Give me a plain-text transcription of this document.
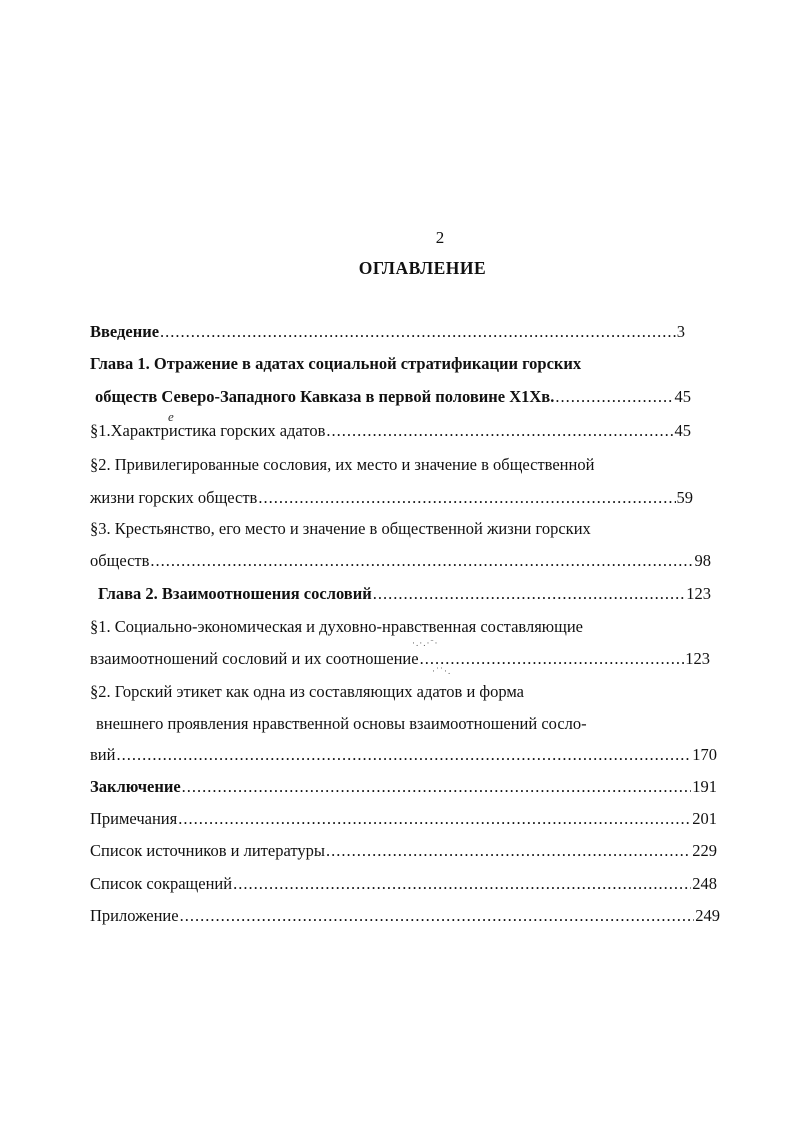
2
ОГЛАВЛЕНИЕ
Введение .....	3
Глава 1. Отражение в адатах социальной стратификации горских
обществ Северо-Западного Кавказа в первой половине Х1Хв. .....	45
е
§1.Характристика горских адатов .....	45
§2. Привилегированные сословия, их место и значение в общественной
жизни горских обществ .....	59
§3. Крестьянство, его место и значение в общественной жизни горских
обществ .....	98
Глава 2. Взаимоотношения сословий .....	123
§1. Социально-экономическая и духовно-нравственная составляющие
взаимоотношений сословий и их соотношение .....	123
·.·.·¨·
·˙˙·.
§2. Горский этикет как одна из составляющих адатов и форма
внешнего проявления нравственной основы взаимоотношений сосло-
вий .....	170
Заключение .....	191
Примечания .....	201
Список источников и литературы .....	229
Список сокращений .....	248
Приложение .....	249
